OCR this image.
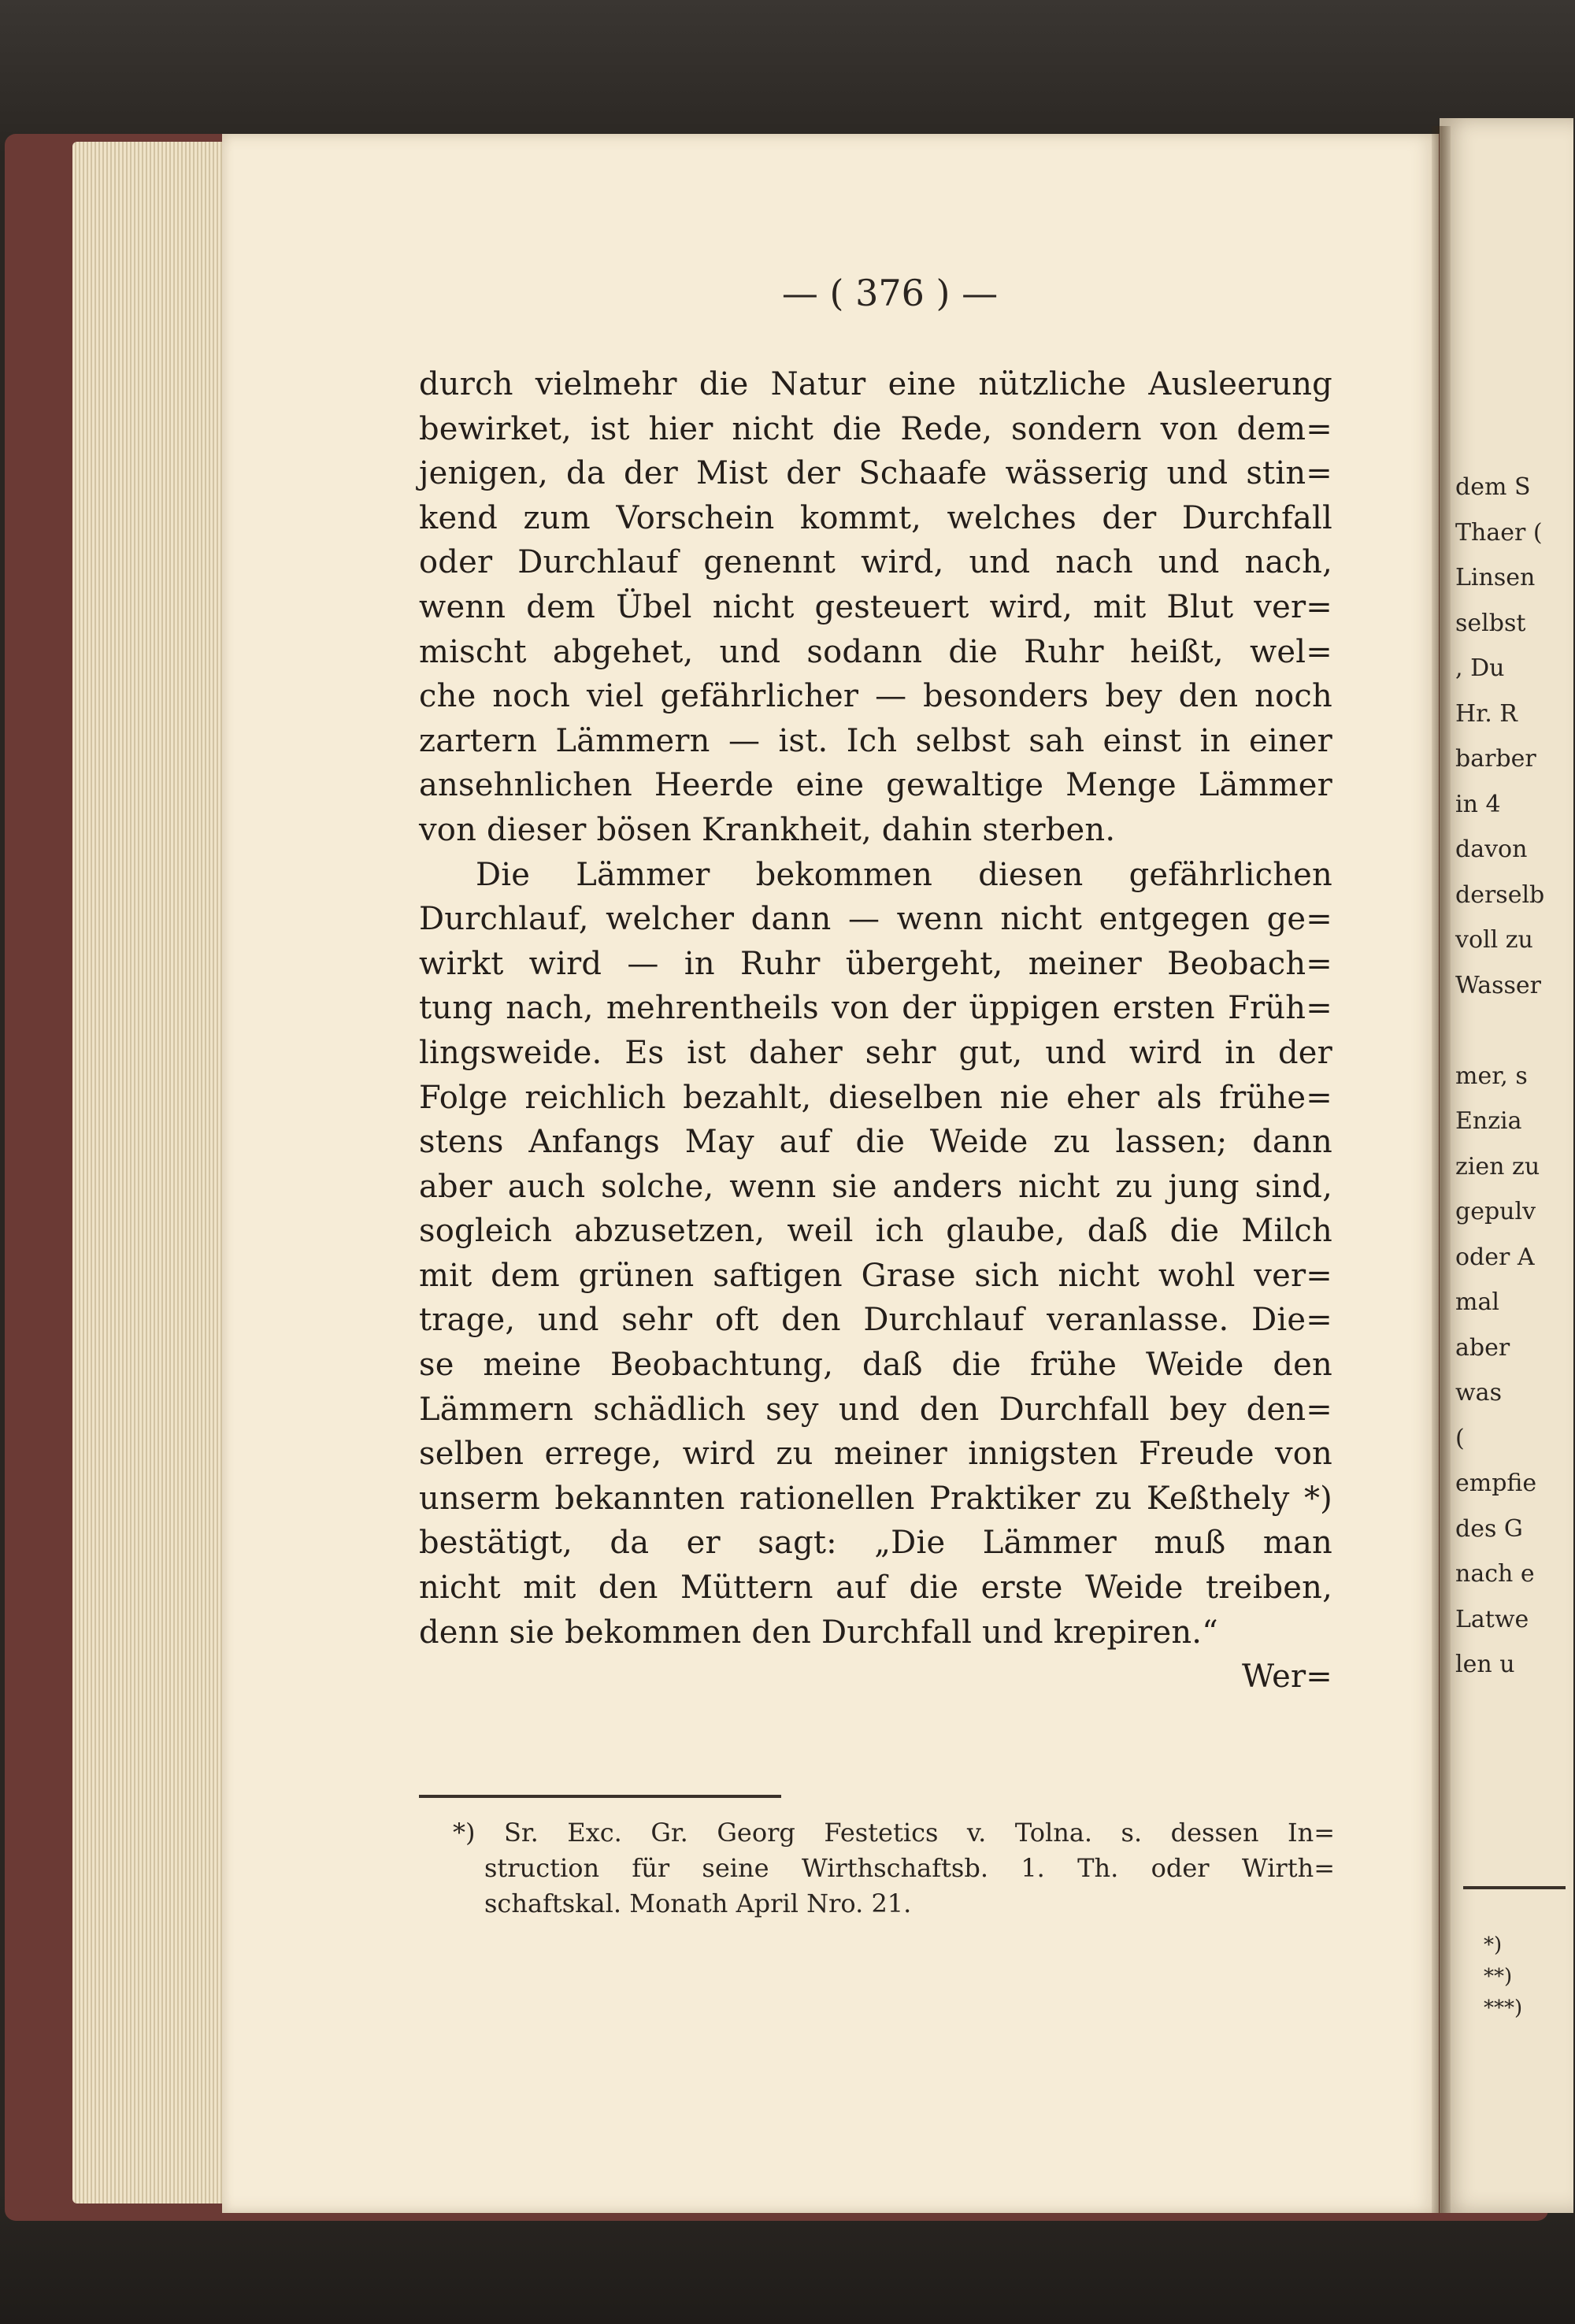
dem S
Thaer (
Linsen
selbst
, Du
Hr. R
barber
in 4
davon
derselb
voll zu
Wasser
mer, s
Enzia
zien zu
gepulv
oder A
mal
aber
was
(
empfie
des G
nach e
Latwe
len u
*)
**)
***)
— ( 376 ) —
durch vielmehr die Natur eine nützliche Ausleerung
bewirket, ist hier nicht die Rede, sondern von dem=
jenigen, da der Mist der Schaafe wässerig und stin=
kend zum Vorschein kommt, welches der Durchfall
oder Durchlauf genennt wird, und nach und nach,
wenn dem Übel nicht gesteuert wird, mit Blut ver=
mischt abgehet, und sodann die Ruhr heißt, wel=
che noch viel gefährlicher — besonders bey den noch
zartern Lämmern — ist. Ich selbst sah einst in einer
ansehnlichen Heerde eine gewaltige Menge Lämmer
von dieser bösen Krankheit, dahin sterben.
Die Lämmer bekommen diesen gefährlichen
Durchlauf, welcher dann — wenn nicht entgegen ge=
wirkt wird — in Ruhr übergeht, meiner Beobach=
tung nach, mehrentheils von der üppigen ersten Früh=
lingsweide. Es ist daher sehr gut, und wird in der
Folge reichlich bezahlt, dieselben nie eher als frühe=
stens Anfangs May auf die Weide zu lassen; dann
aber auch solche, wenn sie anders nicht zu jung sind,
sogleich abzusetzen, weil ich glaube, daß die Milch
mit dem grünen saftigen Grase sich nicht wohl ver=
trage, und sehr oft den Durchlauf veranlasse. Die=
se meine Beobachtung, daß die frühe Weide den
Lämmern schädlich sey und den Durchfall bey den=
selben errege, wird zu meiner innigsten Freude von
unserm bekannten rationellen Praktiker zu Keßthely *)
bestätigt, da er sagt: „Die Lämmer muß man
nicht mit den Müttern auf die erste Weide treiben,
denn sie bekommen den Durchfall und krepiren.“
Wer=
*) Sr. Exc. Gr. Georg Festetics v. Tolna. s. dessen In=
struction für seine Wirthschaftsb. 1. Th. oder Wirth=
schaftskal. Monath April Nro. 21.
